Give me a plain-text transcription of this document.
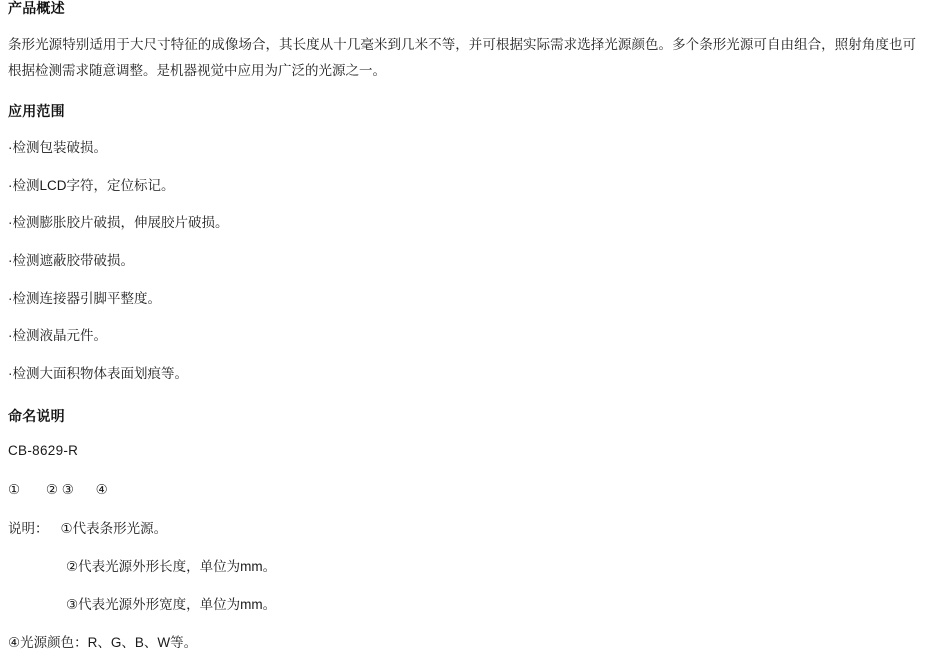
产品概述
条形光源特别适用于大尺寸特征的成像场合，其长度从十几毫米到几米不等，并可根据实际需求选择光源颜色。多个条形光源可自由组合，照射角度也可根据检测需求随意调整。是机器视觉中应用为广泛的光源之一。
应用范围
·检测包装破损。
·检测LCD字符，定位标记。
·检测膨胀胶片破损，伸展胶片破损。
·检测遮蔽胶带破损。
·检测连接器引脚平整度。
·检测液晶元件。
·检测大面积物体表面划痕等。
命名说明
CB-8629-R
① ② ③ ④
说明： ①代表条形光源。
②代表光源外形长度，单位为mm。
③代表光源外形宽度，单位为mm。
④光源颜色：R、G、B、W等。
